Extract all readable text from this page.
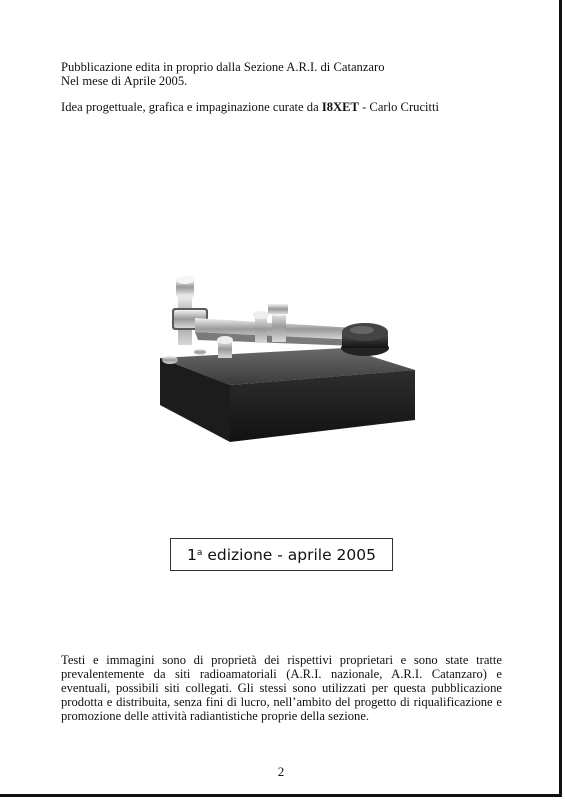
Pubblicazione edita in proprio dalla Sezione A.R.I. di Catanzaro

Nel mese di Aprile 2005.

Idea progettuale, grafica e impaginazione curate da I8XET - Carlo Crucitti

1$^a$ edizione - aprile 2005

Testi e immagini sono di proprietà dei rispettivi proprietari e sono state tratte prevalentemente da siti radioamatoriali (A.R.I. nazionale, A.R.I. Catanzaro) e eventuali, possibili siti collegati. Gli stessi sono utilizzati per questa pubblicazione prodotta e distribuita, senza fini di lucro, nell’ambito del progetto di riqualificazione e promozione delle attività radiantistiche proprie della sezione.

2
